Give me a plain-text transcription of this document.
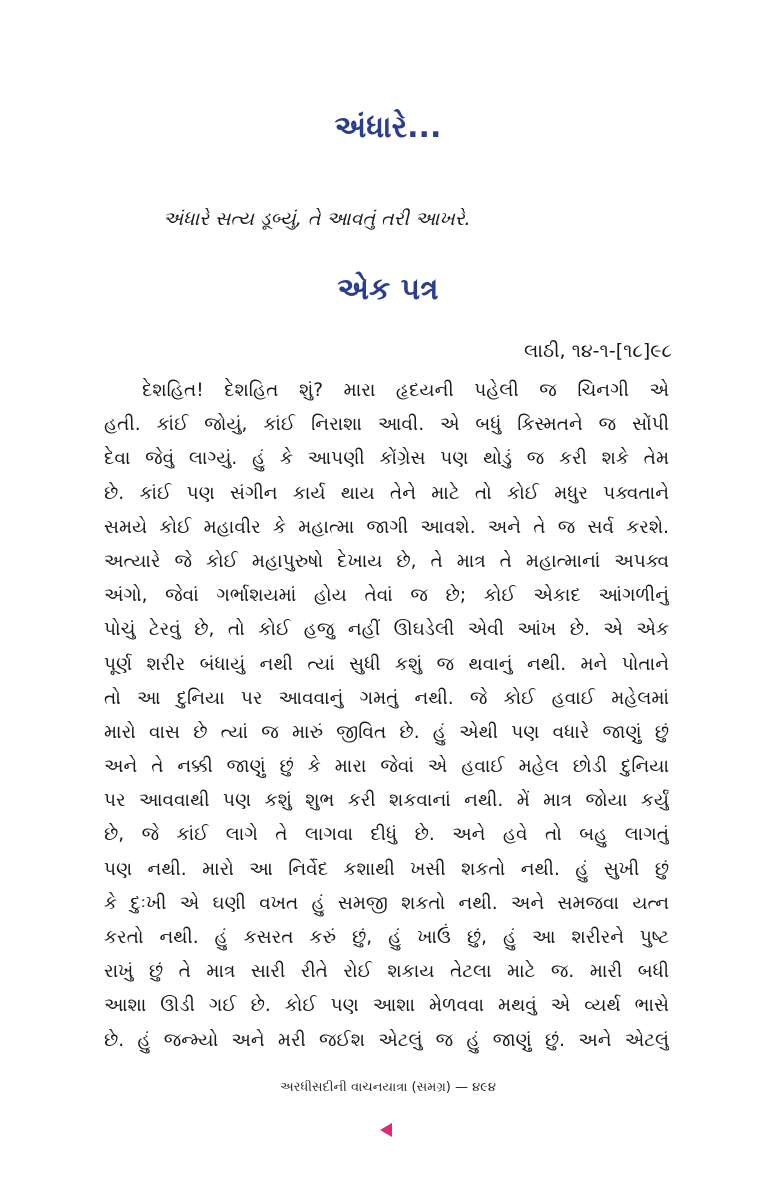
અંધારે...
અંધારે સત્ય ડૂબ્યું, તે આવતું તરી આખરે.
એક પત્ર
લાઠી, ૧૪-૧-[૧૮]૯૮
દેશહિત! દેશહિત શું? મારા હૃદયની પહેલી જ ચિનગી એ
હતી. કાંઈ જોયું, કાંઈ નિરાશા આવી. એ બધું કિસ્મતને જ સોંપી
દેવા જેવું લાગ્યું. હું કે આપણી કોંગ્રેસ પણ થોડું જ કરી શકે તેમ
છે. કાંઈ પણ સંગીન કાર્ય થાય તેને માટે તો કોઈ મધુર પક્વતાને
સમયે કોઈ મહાવીર કે મહાત્મા જાગી આવશે. અને તે જ સર્વ કરશે.
અત્યારે જે કોઈ મહાપુરુષો દેખાય છે, તે માત્ર તે મહાત્માનાં અપક્વ
અંગો, જેવાં ગર્ભાશયમાં હોય તેવાં જ છે; કોઈ એકાદ આંગળીનું
પોચું ટેરવું છે, તો કોઈ હજુ નહીં ઊઘડેલી એવી આંખ છે. એ એક
પૂર્ણ શરીર બંધાયું નથી ત્યાં સુધી કશું જ થવાનું નથી. મને પોતાને
તો આ દુનિયા પર આવવાનું ગમતું નથી. જે કોઈ હવાઈ મહેલમાં
મારો વાસ છે ત્યાં જ મારું જીવિત છે. હું એથી પણ વધારે જાણું છું
અને તે નક્કી જાણું છું કે મારા જેવાં એ હવાઈ મહેલ છોડી દુનિયા
પર આવવાથી પણ કશું શુભ કરી શકવાનાં નથી. મેં માત્ર જોયા કર્યું
છે, જે કાંઈ લાગે તે લાગવા દીધું છે. અને હવે તો બહુ લાગતું
પણ નથી. મારો આ નિર્વેદ કશાથી ખસી શકતો નથી. હું સુખી છું
કે દુઃખી એ ઘણી વખત હું સમજી શકતો નથી. અને સમજવા યત્ન
કરતો નથી. હું કસરત કરું છું, હું ખાઉં છું, હું આ શરીરને પુષ્ટ
રાખું છું તે માત્ર સારી રીતે રોઈ શકાય તેટલા માટે જ. મારી બધી
આશા ઊડી ગઈ છે. કોઈ પણ આશા મેળવવા મથવું એ વ્યર્થ ભાસે
છે. હું જન્મ્યો અને મરી જઈશ એટલું જ હું જાણું છું. અને એટલું
અરધીસદીની વાચનયાત્રા (સમગ્ર) — ૪૯૪
